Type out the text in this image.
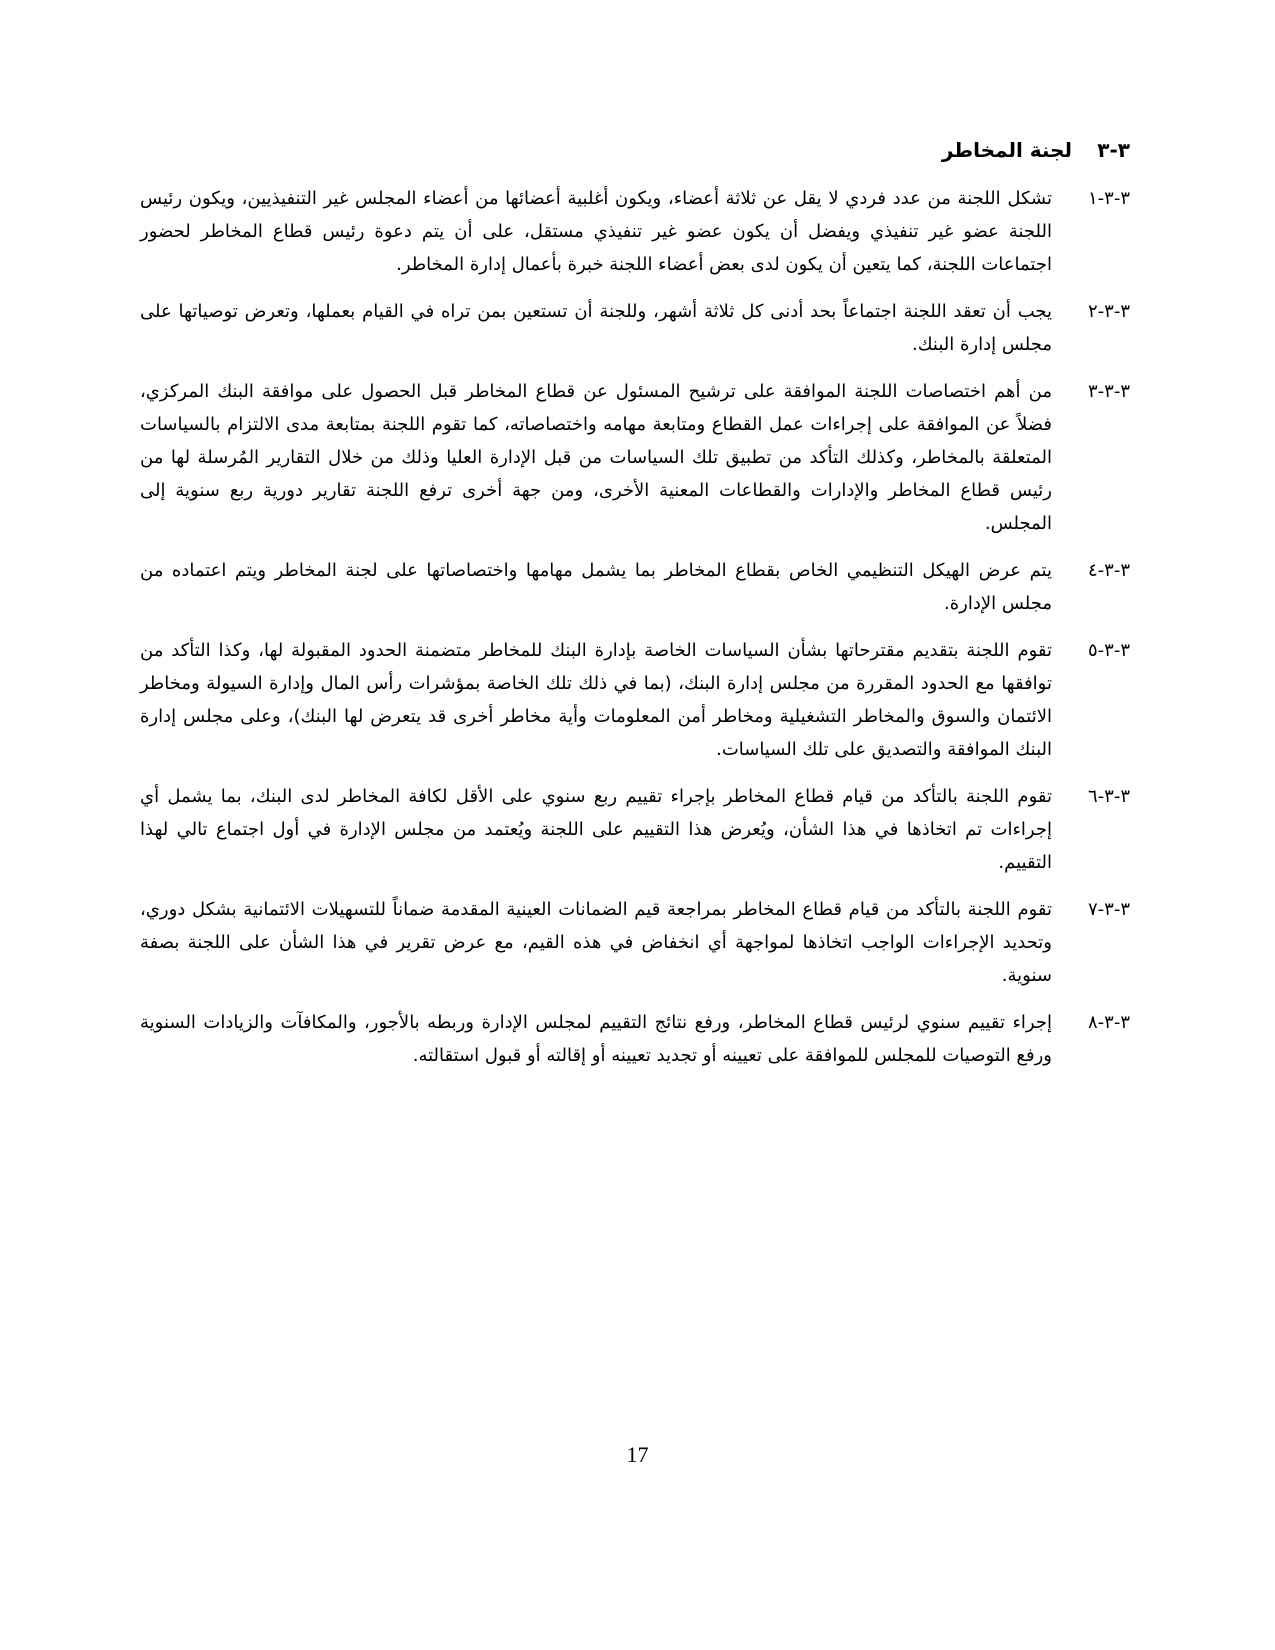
٣-٣
لجنة المخاطر
٣-٣-١
تشكل اللجنة من عدد فردي لا يقل عن ثلاثة أعضاء، ويكون أغلبية أعضائها من أعضاء المجلس غير التنفيذيين، ويكون رئيس اللجنة عضو غير تنفيذي ويفضل أن يكون عضو غير تنفيذي مستقل، على أن يتم دعوة رئيس قطاع المخاطر لحضور اجتماعات اللجنة، كما يتعين أن يكون لدى بعض أعضاء اللجنة خبرة بأعمال إدارة المخاطر.
٣-٣-٢
يجب أن تعقد اللجنة اجتماعاً بحد أدنى كل ثلاثة أشهر، وللجنة أن تستعين بمن تراه في القيام بعملها، وتعرض توصياتها على مجلس إدارة البنك.
٣-٣-٣
من أهم اختصاصات اللجنة الموافقة على ترشيح المسئول عن قطاع المخاطر قبل الحصول على موافقة البنك المركزي، فضلاً عن الموافقة على إجراءات عمل القطاع ومتابعة مهامه واختصاصاته، كما تقوم اللجنة بمتابعة مدى الالتزام بالسياسات المتعلقة بالمخاطر، وكذلك التأكد من تطبيق تلك السياسات من قبل الإدارة العليا وذلك من خلال التقارير المُرسلة لها من رئيس قطاع المخاطر والإدارات والقطاعات المعنية الأخرى، ومن جهة أخرى ترفع اللجنة تقارير دورية ربع سنوية إلى المجلس.
٣-٣-٤
يتم عرض الهيكل التنظيمي الخاص بقطاع المخاطر بما يشمل مهامها واختصاصاتها على لجنة المخاطر ويتم اعتماده من مجلس الإدارة.
٣-٣-٥
تقوم اللجنة بتقديم مقترحاتها بشأن السياسات الخاصة بإدارة البنك للمخاطر متضمنة الحدود المقبولة لها، وكذا التأكد من توافقها مع الحدود المقررة من مجلس إدارة البنك، (بما في ذلك تلك الخاصة بمؤشرات رأس المال وإدارة السيولة ومخاطر الائتمان والسوق والمخاطر التشغيلية ومخاطر أمن المعلومات وأية مخاطر أخرى قد يتعرض لها البنك)، وعلى مجلس إدارة البنك الموافقة والتصديق على تلك السياسات.
٣-٣-٦
تقوم اللجنة بالتأكد من قيام قطاع المخاطر بإجراء تقييم ربع سنوي على الأقل لكافة المخاطر لدى البنك، بما يشمل أي إجراءات تم اتخاذها في هذا الشأن، ويُعرض هذا التقييم على اللجنة ويُعتمد من مجلس الإدارة في أول اجتماع تالي لهذا التقييم.
٣-٣-٧
تقوم اللجنة بالتأكد من قيام قطاع المخاطر بمراجعة قيم الضمانات العينية المقدمة ضماناً للتسهيلات الائتمانية بشكل دوري، وتحديد الإجراءات الواجب اتخاذها لمواجهة أي انخفاض في هذه القيم، مع عرض تقرير في هذا الشأن على اللجنة بصفة سنوية.
٣-٣-٨
إجراء تقييم سنوي لرئيس قطاع المخاطر، ورفع نتائج التقييم لمجلس الإدارة وربطه بالأجور، والمكافآت والزيادات السنوية ورفع التوصيات للمجلس للموافقة على تعيينه أو تجديد تعيينه أو إقالته أو قبول استقالته.
17
